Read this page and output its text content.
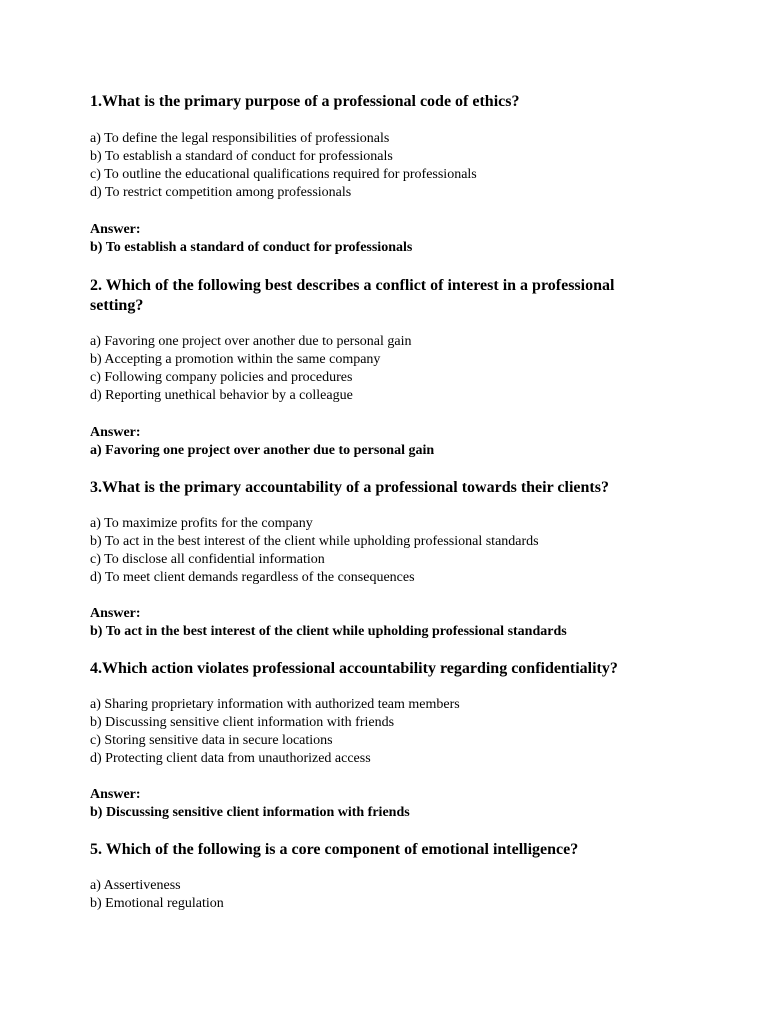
1.What is the primary purpose of a professional code of ethics?

a) To define the legal responsibilities of professionals

b) To establish a standard of conduct for professionals

c) To outline the educational qualifications required for professionals

d) To restrict competition among professionals

Answer:

b) To establish a standard of conduct for professionals

2. Which of the following best describes a conflict of interest in a professional setting?

a) Favoring one project over another due to personal gain

b) Accepting a promotion within the same company

c) Following company policies and procedures

d) Reporting unethical behavior by a colleague

Answer:

a) Favoring one project over another due to personal gain

3.What is the primary accountability of a professional towards their clients?

a) To maximize profits for the company

b) To act in the best interest of the client while upholding professional standards

c) To disclose all confidential information

d) To meet client demands regardless of the consequences

Answer:

b) To act in the best interest of the client while upholding professional standards

4.Which action violates professional accountability regarding confidentiality?

a) Sharing proprietary information with authorized team members

b) Discussing sensitive client information with friends

c) Storing sensitive data in secure locations

d) Protecting client data from unauthorized access

Answer:

b) Discussing sensitive client information with friends

5. Which of the following is a core component of emotional intelligence?

a) Assertiveness

b) Emotional regulation
